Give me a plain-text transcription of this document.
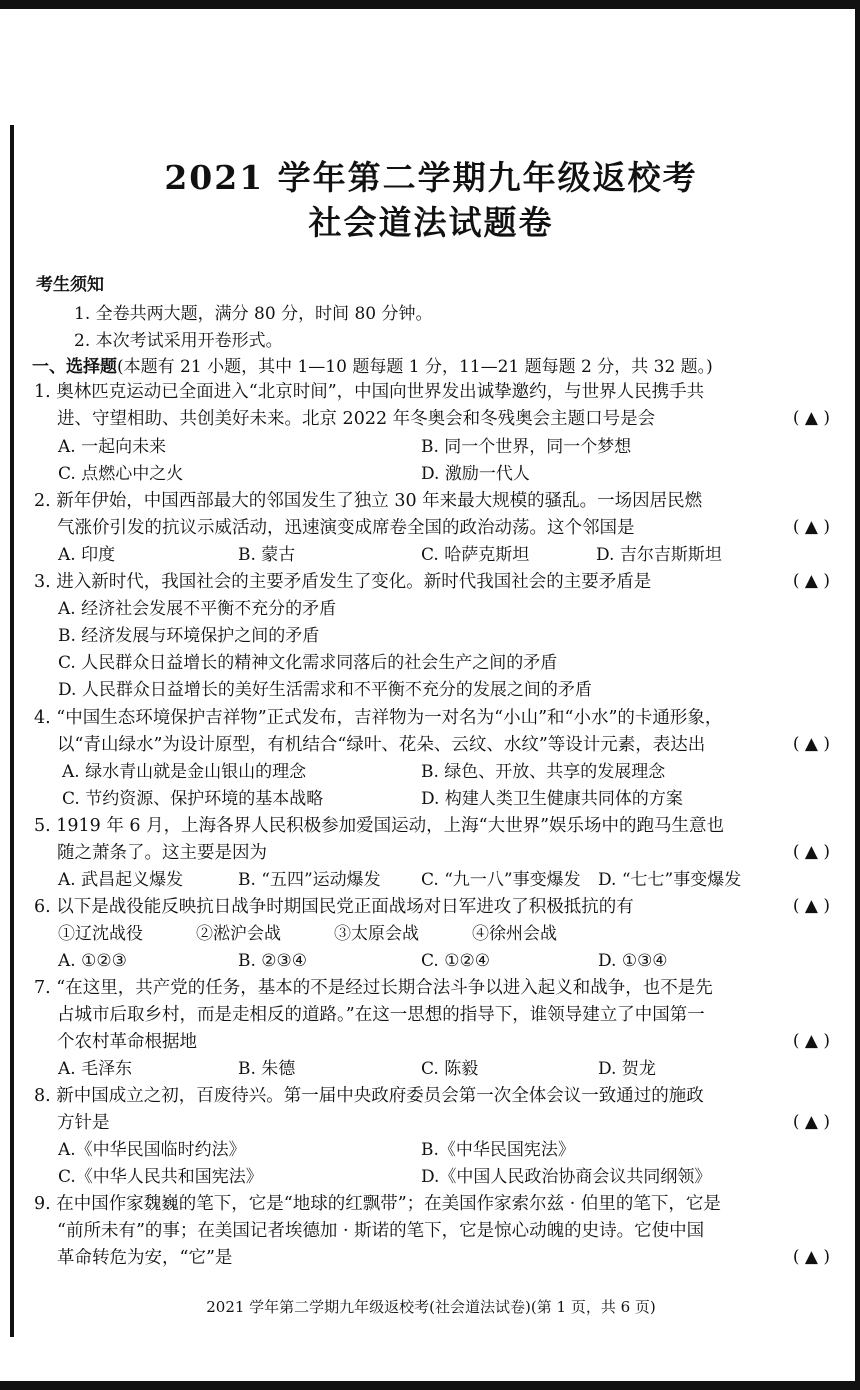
2021 学年第二学期九年级返校考
社会道法试题卷
考生须知
1. 全卷共两大题，满分 80 分，时间 80 分钟。
2. 本次考试采用开卷形式。
一、选择题(本题有 21 小题，其中 1—10 题每题 1 分，11—21 题每题 2 分，共 32 题。)
1. 奥林匹克运动已全面进入“北京时间”，中国向世界发出诚挚邀约，与世界人民携手共
进、守望相助、共创美好未来。北京 2022 年冬奥会和冬残奥会主题口号是会	( ▲ )
A. 一起向未来	B. 同一个世界，同一个梦想
C. 点燃心中之火	D. 激励一代人
2. 新年伊始，中国西部最大的邻国发生了独立 30 年来最大规模的骚乱。一场因居民燃
气涨价引发的抗议示威活动，迅速演变成席卷全国的政治动荡。这个邻国是	( ▲ )
A. 印度	B. 蒙古	C. 哈萨克斯坦	D. 吉尔吉斯斯坦
3. 进入新时代，我国社会的主要矛盾发生了变化。新时代我国社会的主要矛盾是	( ▲ )
A. 经济社会发展不平衡不充分的矛盾
B. 经济发展与环境保护之间的矛盾
C. 人民群众日益增长的精神文化需求同落后的社会生产之间的矛盾
D. 人民群众日益增长的美好生活需求和不平衡不充分的发展之间的矛盾
4. “中国生态环境保护吉祥物”正式发布，吉祥物为一对名为“小山”和“小水”的卡通形象，
以“青山绿水”为设计原型，有机结合“绿叶、花朵、云纹、水纹”等设计元素，表达出	( ▲ )
A. 绿水青山就是金山银山的理念	B. 绿色、开放、共享的发展理念
C. 节约资源、保护环境的基本战略	D. 构建人类卫生健康共同体的方案
5. 1919 年 6 月，上海各界人民积极参加爱国运动，上海“大世界”娱乐场中的跑马生意也
随之萧条了。这主要是因为	( ▲ )
A. 武昌起义爆发	B. “五四”运动爆发 C. “九一八”事变爆发 D. “七七”事变爆发
6. 以下是战役能反映抗日战争时期国民党正面战场对日军进攻了积极抵抗的有	( ▲ )
①辽沈战役	②淞沪会战	③太原会战	④徐州会战
A. ①②③	B. ②③④	C. ①②④	D. ①③④
7. “在这里，共产党的任务，基本的不是经过长期合法斗争以进入起义和战争，也不是先
占城市后取乡村，而是走相反的道路。”在这一思想的指导下，谁领导建立了中国第一
个农村革命根据地	( ▲ )
A. 毛泽东	B. 朱德	C. 陈毅	D. 贺龙
8. 新中国成立之初，百废待兴。第一届中央政府委员会第一次全体会议一致通过的施政
方针是	( ▲ )
A.《中华民国临时约法》	B.《中华民国宪法》
C.《中华人民共和国宪法》	D.《中国人民政治协商会议共同纲领》
9. 在中国作家魏巍的笔下，它是“地球的红飘带”；在美国作家索尔兹 · 伯里的笔下，它是
“前所未有”的事；在美国记者埃德加 · 斯诺的笔下，它是惊心动魄的史诗。它使中国
革命转危为安，“它”是	( ▲ )
2021 学年第二学期九年级返校考(社会道法试卷)(第 1 页，共 6 页)
